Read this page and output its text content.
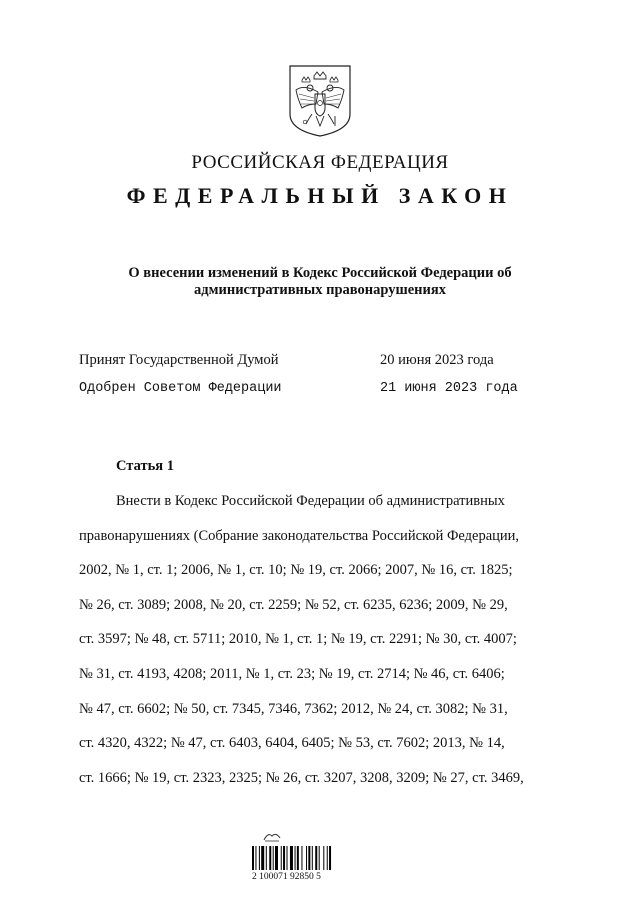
РОССИЙСКАЯ ФЕДЕРАЦИЯ
ФЕДЕРАЛЬНЫЙ ЗАКОН
О внесении изменений в Кодекс Российской Федерации об
административных правонарушениях
Принят Государственной Думой	20 июня 2023 года
Одобрен Советом Федерации	21 июня 2023 года
Статья 1

Внести в Кодекс Российской Федерации об административных

правонарушениях (Собрание законодательства Российской Федерации,

2002, № 1, ст. 1; 2006, № 1, ст. 10; № 19, ст. 2066; 2007, № 16, ст. 1825;

№ 26, ст. 3089; 2008, № 20, ст. 2259; № 52, ст. 6235, 6236; 2009, № 29,

ст. 3597; № 48, ст. 5711; 2010, № 1, ст. 1; № 19, ст. 2291; № 30, ст. 4007;

№ 31, ст. 4193, 4208; 2011, № 1, ст. 23; № 19, ст. 2714; № 46, ст. 6406;

№ 47, ст. 6602; № 50, ст. 7345, 7346, 7362; 2012, № 24, ст. 3082; № 31,

ст. 4320, 4322; № 47, ст. 6403, 6404, 6405; № 53, ст. 7602; 2013, № 14,

ст. 1666; № 19, ст. 2323, 2325; № 26, ст. 3207, 3208, 3209; № 27, ст. 3469,

2 100071 92850 5
